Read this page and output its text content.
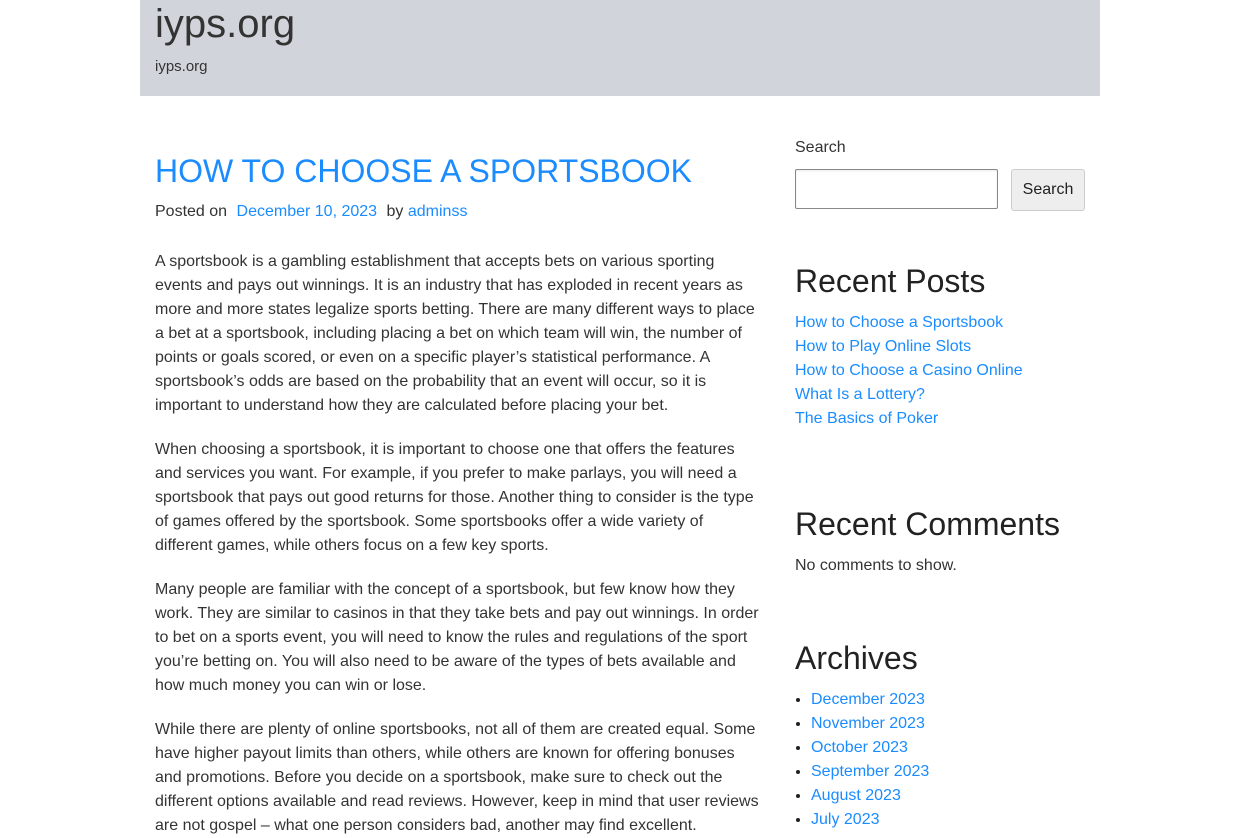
iyps.org
iyps.org
HOW TO CHOOSE A SPORTSBOOK
Posted on December 10, 2023 by adminss

A sportsbook is a gambling establishment that accepts bets on various sporting events and pays out winnings. It is an industry that has exploded in recent years as more and more states legalize sports betting. There are many different ways to place a bet at a sportsbook, including placing a bet on which team will win, the number of points or goals scored, or even on a specific player’s statistical performance. A sportsbook’s odds are based on the probability that an event will occur, so it is important to understand how they are calculated before placing your bet.

When choosing a sportsbook, it is important to choose one that offers the features and services you want. For example, if you prefer to make parlays, you will need a sportsbook that pays out good returns for those. Another thing to consider is the type of games offered by the sportsbook. Some sportsbooks offer a wide variety of different games, while others focus on a few key sports.

Many people are familiar with the concept of a sportsbook, but few know how they work. They are similar to casinos in that they take bets and pay out winnings. In order to bet on a sports event, you will need to know the rules and regulations of the sport you’re betting on. You will also need to be aware of the types of bets available and how much money you can win or lose.

While there are plenty of online sportsbooks, not all of them are created equal. Some have higher payout limits than others, while others are known for offering bonuses and promotions. Before you decide on a sportsbook, make sure to check out the different options available and read reviews. However, keep in mind that user reviews are not gospel – what one person considers bad, another may find excellent.

Search
Search
Recent Posts
How to Choose a Sportsbook
How to Play Online Slots
How to Choose a Casino Online
What Is a Lottery?
The Basics of Poker
Recent Comments
No comments to show.
Archives
• December 2023
• November 2023
• October 2023
• September 2023
• August 2023
• July 2023
